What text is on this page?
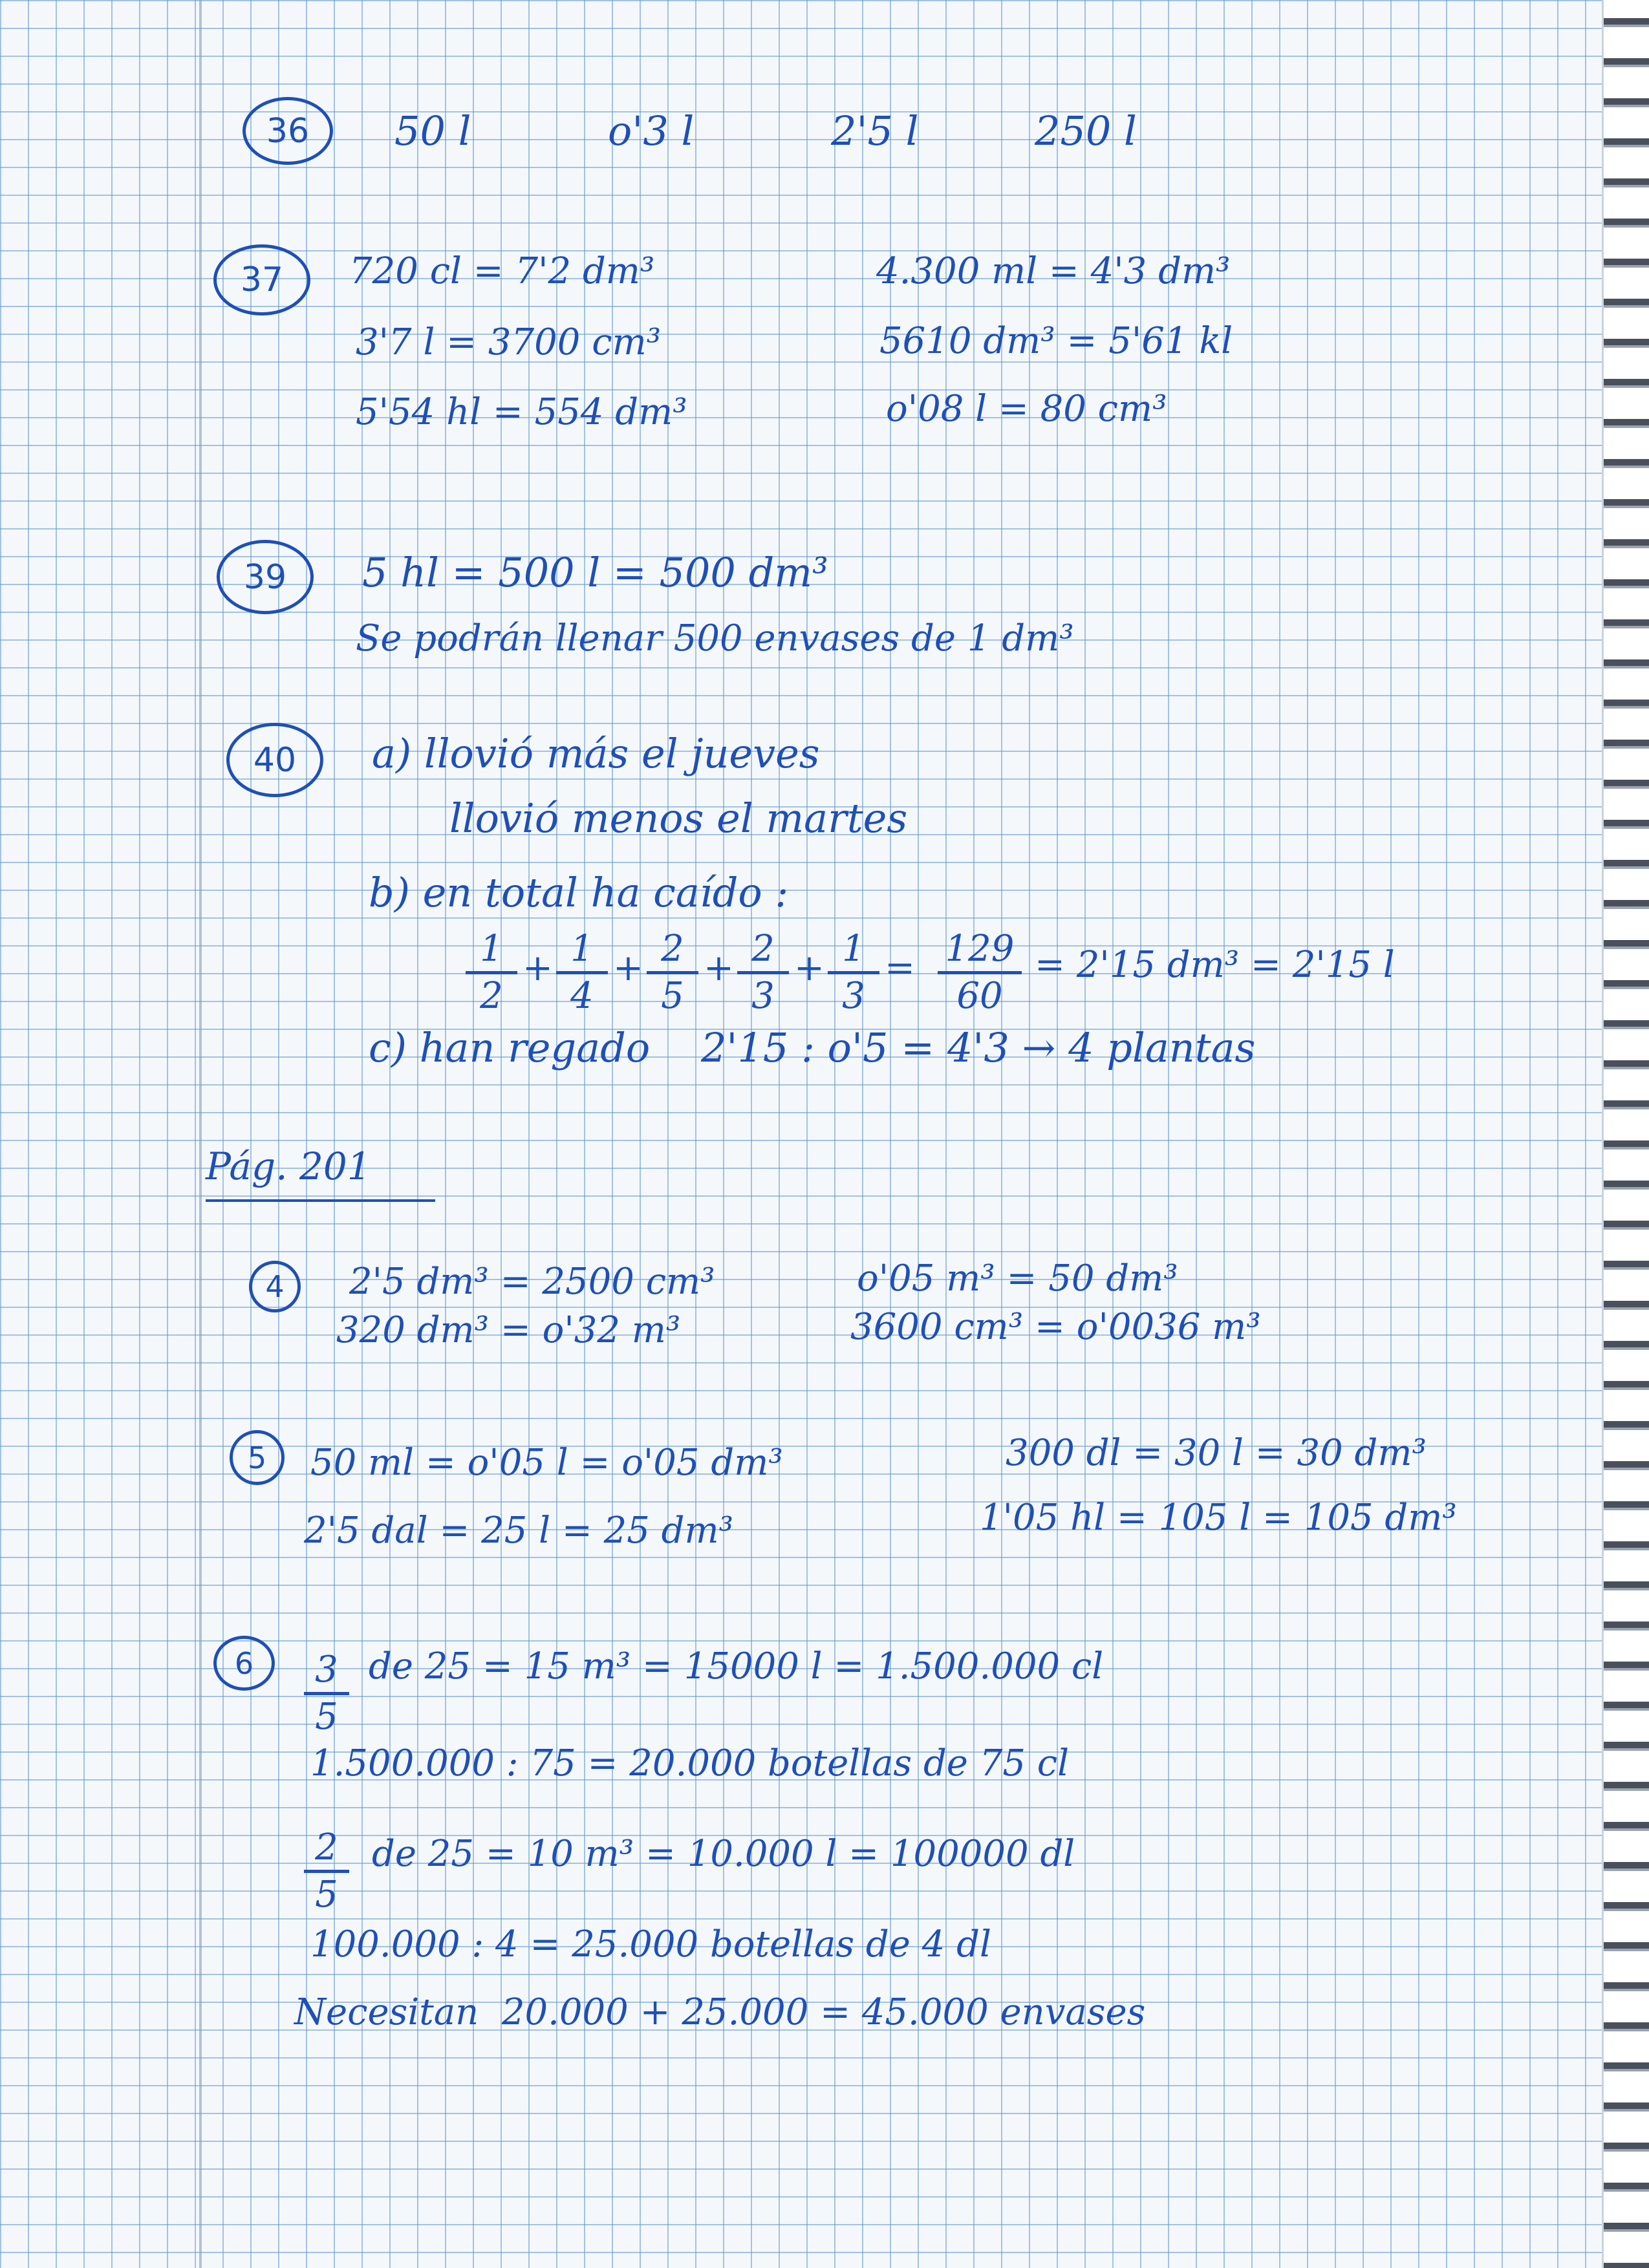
36	50 l	o'3 l	2'5 l	250 l
37	720 cl = 7'2 dm³
3'7 l = 3700 cm³
5'54 hl = 554 dm³
4.300 ml = 4'3 dm³
5610 dm³ = 5'61 kl
o'08 l = 80 cm³
39	5 hl = 500 l = 500 dm³
Se podrán llenar 500 envases de 1 dm³
40	a) llovió más el jueves
llovió menos el martes
b) en total ha caído :
$\frac{1}{2} + \frac{1}{4} + \frac{2}{5} + \frac{2}{3} + \frac{1}{3} = \frac{129}{60} = 2'15$ dm³ = 2'15 l
c) han regado    2'15 : o'5 = 4'3 → 4 plantas
Pág. 201
4	2'5 dm³ = 2500 cm³
320 dm³ = o'32 m³
o'05 m³ = 50 dm³
3600 cm³ = o'0036 m³
5	50 ml = o'05 l = o'05 dm³
2'5 dal = 25 l = 25 dm³
300 dl = 30 l = 30 dm³
1'05 hl = 105 l = 105 dm³
6	$\frac{3}{5}$ de 25 = 15 m³ = 15000 l = 1.500.000 cl
1.500.000 : 75 = 20.000 botellas de 75 cl
$\frac{2}{5}$ de 25 = 10 m³ = 10.000 l = 100000 dl
100.000 : 4 = 25.000 botellas de 4 dl
Necesitan  20.000 + 25.000 = 45.000 envases
